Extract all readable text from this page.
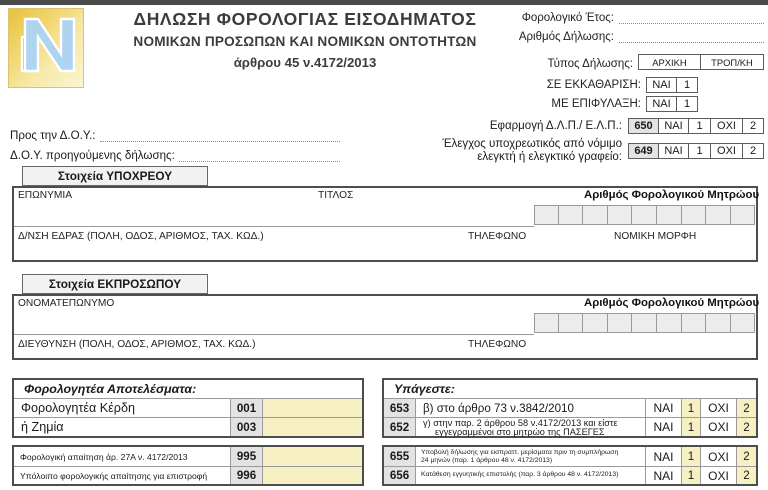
ΔΗΛΩΣΗ ΦΟΡΟΛΟΓΙΑΣ ΕΙΣΟΔΗΜΑΤΟΣ
ΝΟΜΙΚΩΝ ΠΡΟΣΩΠΩΝ ΚΑΙ ΝΟΜΙΚΩΝ ΟΝΤΟΤΗΤΩΝ
άρθρου 45 ν.4172/2013
Φορολογικό Έτος:
Αριθμός Δήλωσης:
Τύπος Δήλωσης:	ΑΡΧΙΚΗ	ΤΡΟΠ/ΚΗ
ΣΕ ΕΚΚΑΘΑΡΙΣΗ:	ΝΑΙ	1
ΜΕ ΕΠΙΦΥΛΑΞΗ:	ΝΑΙ	1
Εφαρμογή Δ.Λ.Π./ Ε.Λ.Π.:	650	ΝΑΙ	1	ΟΧΙ	2
Έλεγχος υποχρεωτικός από νόμιμο
ελεγκτή ή ελεγκτικό γραφείο:	649	ΝΑΙ	1	ΟΧΙ	2
Προς την Δ.Ο.Υ.:
Δ.Ο.Υ. προηγούμενης δήλωσης:
Στοιχεία ΥΠΟΧΡΕΟΥ
ΕΠΩΝΥΜΙΑ	ΤΙΤΛΟΣ	Αριθμός Φορολογικού Μητρώου
Δ/ΝΣΗ ΕΔΡΑΣ (ΠΟΛΗ, ΟΔΟΣ, ΑΡΙΘΜΟΣ, ΤΑΧ. ΚΩΔ.)	ΤΗΛΕΦΩΝΟ	ΝΟΜΙΚΗ ΜΟΡΦΗ
Στοιχεία ΕΚΠΡΟΣΩΠΟΥ
ΟΝΟΜΑΤΕΠΩΝΥΜΟ	Αριθμός Φορολογικού Μητρώου
ΔΙΕΥΘΥΝΣΗ (ΠΟΛΗ, ΟΔΟΣ, ΑΡΙΘΜΟΣ, ΤΑΧ. ΚΩΔ.)	ΤΗΛΕΦΩΝΟ
Φορολογητέα Αποτελέσματα:
Φορολογητέα Κέρδη	001
ή Ζημία	003
Φορολογική απαίτηση άρ. 27Α ν. 4172/2013	995
Υπόλοιπο φορολογικής απαίτησης για επιστροφή	996
Υπάγεστε:
653	β) στο άρθρο 73 ν.3842/2010	ΝΑΙ	1	ΟΧΙ	2
652	γ) στην παρ. 2 άρθρου 58 ν.4172/2013 και είστε
εγγεγραμμένοι στο μητρώο της ΠΑΣΕΓΕΣ	ΝΑΙ	1	ΟΧΙ	2
655	Υποβολή δήλωσης για εισπραττ. μερίσματα πριν τη συμπλήρωση
24 μηνών (παρ. 1 άρθρου 48 ν. 4172/2013)	ΝΑΙ	1	ΟΧΙ	2
656	Κατάθεση εγγυητικής επιστολής (παρ. 3 άρθρου 48 ν. 4172/2013)	ΝΑΙ	1	ΟΧΙ	2
